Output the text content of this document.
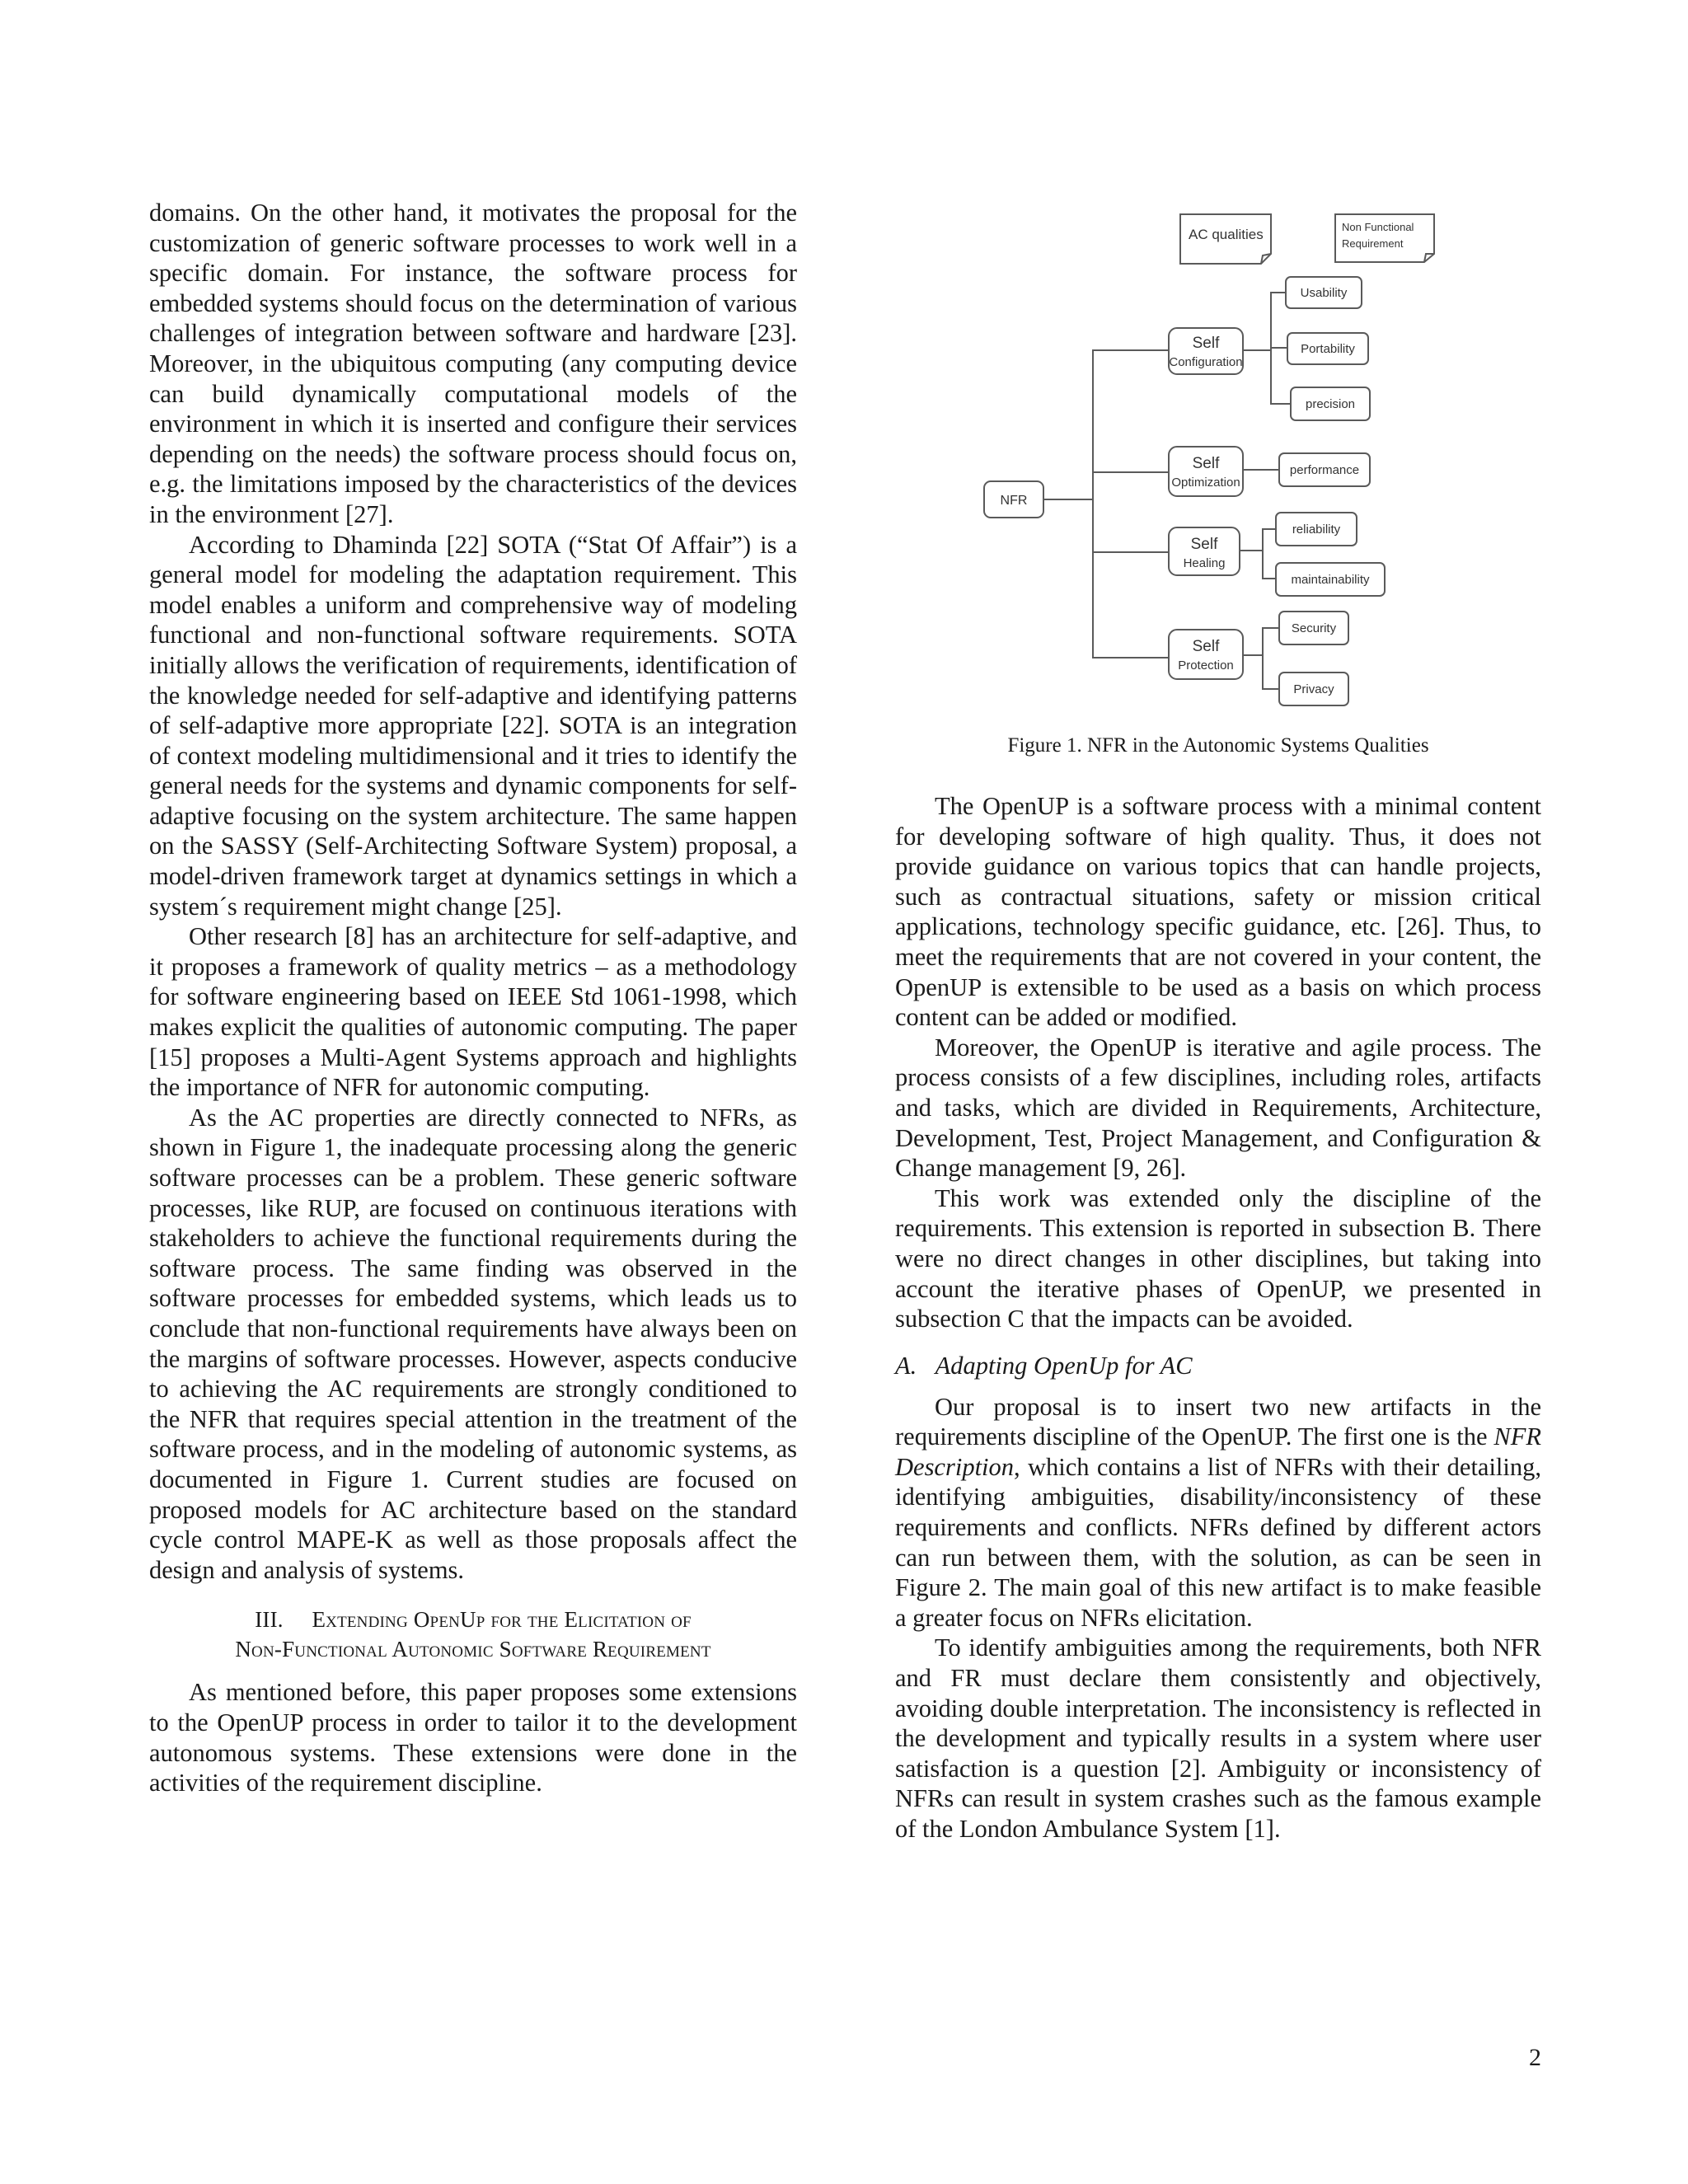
domains. On the other hand, it motivates the proposal for the customization of generic software processes to work well in a specific domain. For instance, the software process for embedded systems should focus on the determination of various challenges of integration between software and hardware [23]. Moreover, in the ubiquitous computing (any computing device can build dynamically computational models of the environment in which it is inserted and configure their services depending on the needs) the software process should focus on, e.g. the limitations imposed by the characteristics of the devices in the environment [27].

According to Dhaminda [22] SOTA (“Stat Of Affair”) is a general model for modeling the adaptation requirement. This model enables a uniform and comprehensive way of modeling functional and non-functional software requirements. SOTA initially allows the verification of requirements, identification of the knowledge needed for self-adaptive and identifying patterns of self-adaptive more appropriate [22]. SOTA is an integration of context modeling multidimensional and it tries to identify the general needs for the systems and dynamic components for self-adaptive focusing on the system architecture. The same happen on the SASSY (Self-Architecting Software System) proposal, a model-driven framework target at dynamics settings in which a system´s requirement might change [25].

Other research [8] has an architecture for self-adaptive, and it proposes a framework of quality metrics – as a methodology for software engineering based on IEEE Std 1061-1998, which makes explicit the qualities of autonomic computing. The paper [15] proposes a Multi-Agent Systems approach and highlights the importance of NFR for autonomic computing.

As the AC properties are directly connected to NFRs, as shown in Figure 1, the inadequate processing along the generic software processes can be a problem. These generic software processes, like RUP, are focused on continuous iterations with stakeholders to achieve the functional requirements during the software process. The same finding was observed in the software processes for embedded systems, which leads us to conclude that non-functional requirements have always been on the margins of software processes. However, aspects conducive to achieving the AC requirements are strongly conditioned to the NFR that requires special attention in the treatment of the software process, and in the modeling of autonomic systems, as documented in Figure 1. Current studies are focused on proposed models for AC architecture based on the standard cycle control MAPE-K as well as those proposals affect the design and analysis of systems.

III.     Extending OpenUp for the Elicitation of
Non-Functional Autonomic Software Requirement

As mentioned before, this paper proposes some extensions to the OpenUP process in order to tailor it to the development autonomous systems. These extensions were done in the activities of the requirement discipline.

AC qualities	Non Functional
Requirement
NFR
Self
Configuration
Self
Optimization
Self
Healing
Self
Protection
Usability
Portability
precision
performance
reliability
maintainability
Security
Privacy
Figure 1. NFR in the Autonomic Systems Qualities

The OpenUP is a software process with a minimal content for developing software of high quality. Thus, it does not provide guidance on various topics that can handle projects, such as contractual situations, safety or mission critical applications, technology specific guidance, etc. [26]. Thus, to meet the requirements that are not covered in your content, the OpenUP is extensible to be used as a basis on which process content can be added or modified.

Moreover, the OpenUP is iterative and agile process. The process consists of a few disciplines, including roles, artifacts and tasks, which are divided in Requirements, Architecture, Development, Test, Project Management, and Configuration & Change management [9, 26].

This work was extended only the discipline of the requirements. This extension is reported in subsection B. There were no direct changes in other disciplines, but taking into account the iterative phases of OpenUP, we presented in subsection C that the impacts can be avoided.

A.   Adapting OpenUp for AC

Our proposal is to insert two new artifacts in the requirements discipline of the OpenUP. The first one is the NFR Description, which contains a list of NFRs with their detailing, identifying ambiguities, disability/inconsistency of these requirements and conflicts. NFRs defined by different actors can run between them, with the solution, as can be seen in Figure 2. The main goal of this new artifact is to make feasible a greater focus on NFRs elicitation.

To identify ambiguities among the requirements, both NFR and FR must declare them consistently and objectively, avoiding double interpretation. The inconsistency is reflected in the development and typically results in a system where user satisfaction is a question [2]. Ambiguity or inconsistency of NFRs can result in system crashes such as the famous example of the London Ambulance System [1].

2
